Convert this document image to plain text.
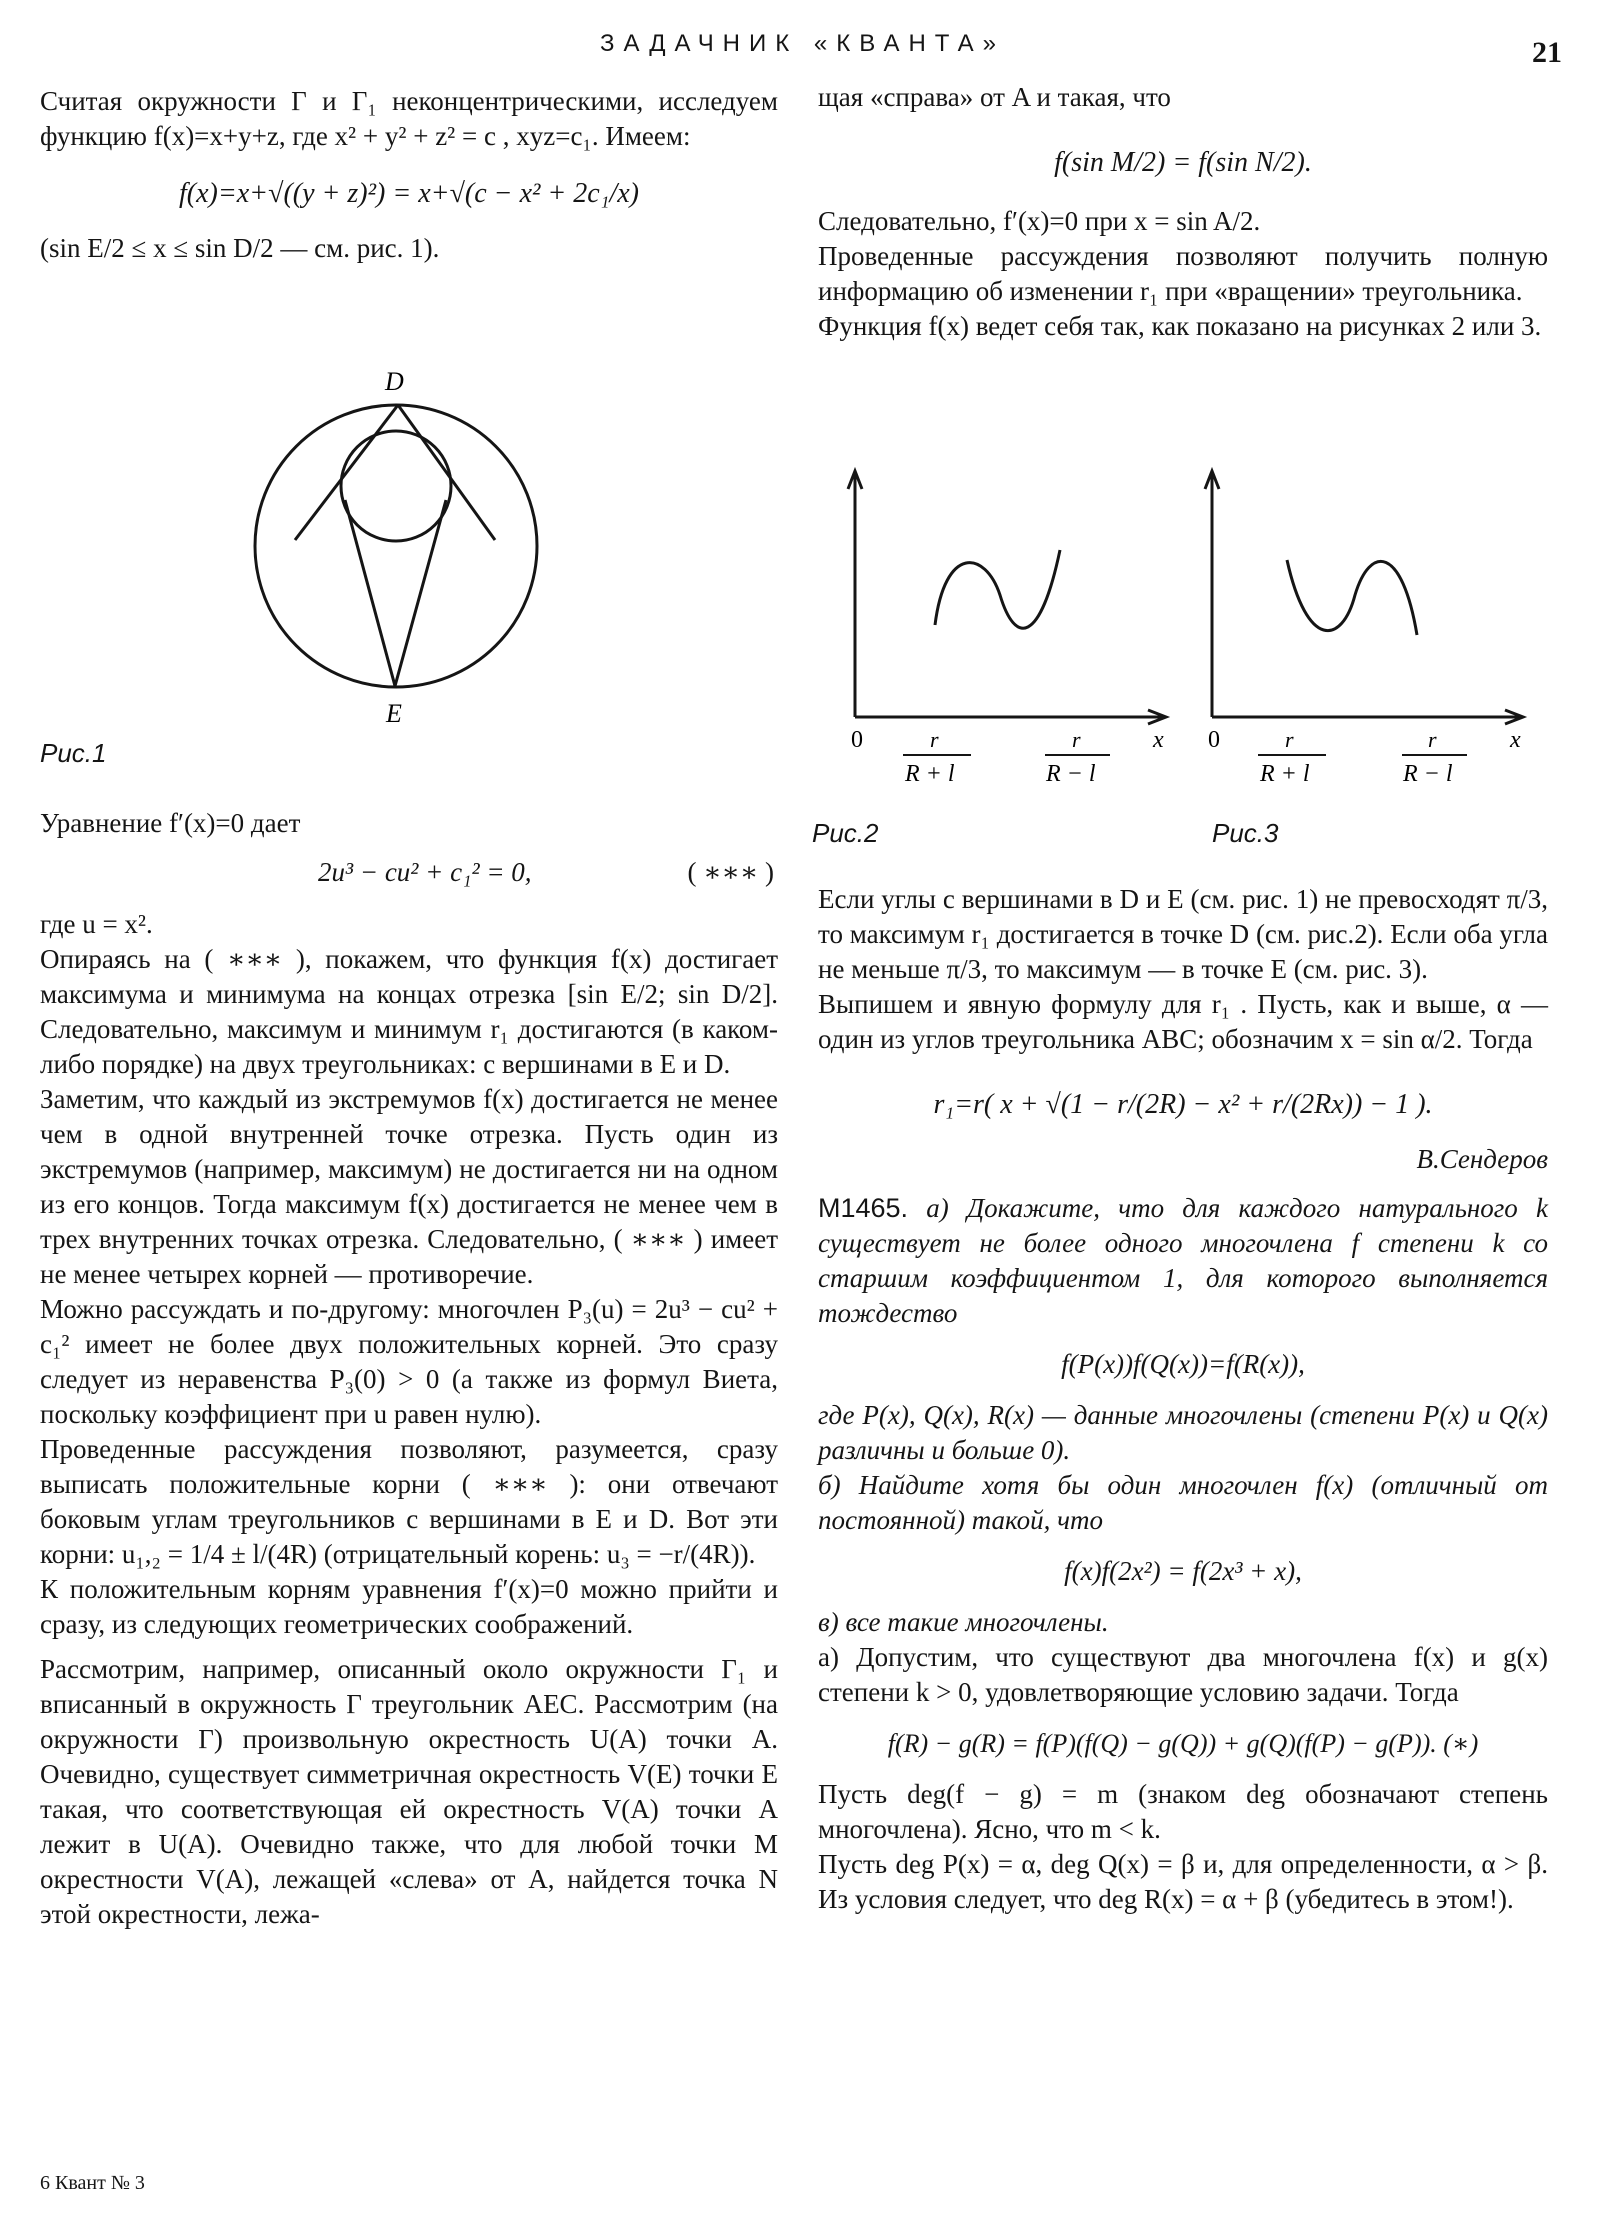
ЗАДАЧНИК «КВАНТА»	21

Считая окружности Γ и Γ₁ неконцентрическими, исследуем функцию f(x)=x+y+z, где x² + y² + z² = c , xyz=c₁. Имеем:

f(x)=x+√((y + z)²) = x+√(c − x² + 2c₁/x)

(sin E/2 ≤ x ≤ sin D/2 — см. рис. 1).

D
E
Рис.1

Уравнение f′(x)=0 дает

2u³ − cu² + c₁² = 0,	( ∗∗∗ )

где u = x².

Опираясь на ( ∗∗∗ ), покажем, что функция f(x) достигает максимума и минимума на концах отрезка [sin E/2; sin D/2]. Следовательно, максимум и минимум r₁ достигаются (в каком-либо порядке) на двух треугольниках: с вершинами в E и D.

Заметим, что каждый из экстремумов f(x) достигается не менее чем в одной внутренней точке отрезка. Пусть один из экстремумов (например, максимум) не достигается ни на одном из его концов. Тогда максимум f(x) достигается не менее чем в трех внутренних точках отрезка. Следовательно, ( ∗∗∗ ) имеет не менее четырех корней — противоречие.

Можно рассуждать и по-другому: многочлен P₃(u) = 2u³ − cu² + c₁² имеет не более двух положительных корней. Это сразу следует из неравенства P₃(0) > 0 (а также из формул Виета, поскольку коэффициент при u равен нулю).

Проведенные рассуждения позволяют, разумеется, сразу выписать положительные корни ( ∗∗∗ ): они отвечают боковым углам треугольников с вершинами в E и D. Вот эти корни: u₁,₂ = 1/4 ± l/(4R) (отрицательный корень: u₃ = −r/(4R)).

К положительным корням уравнения f′(x)=0 можно прийти и сразу, из следующих геометрических соображений.

Рассмотрим, например, описанный около окружности Γ₁ и вписанный в окружность Γ треугольник AEC. Рассмотрим (на окружности Γ) произвольную окрестность U(A) точки A. Очевидно, существует симметричная окрестность V(E) точки E такая, что соответствующая ей окрестность V(A) точки A лежит в U(A). Очевидно также, что для любой точки M окрестности V(A), лежащей «слева» от A, найдется точка N этой окрестности, лежа-

щая «справа» от A и такая, что

f(sin M/2) = f(sin N/2).

Следовательно, f′(x)=0 при x = sin A/2.

Проведенные рассуждения позволяют получить полную информацию об изменении r₁ при «вращении» треугольника.

Функция f(x) ведет себя так, как показано на рисунках 2 или 3.

0	x
r
R + l
r
R − l
Рис.2
0	x
r
R + l
r
R − l
Рис.3

Если углы с вершинами в D и E (см. рис. 1) не превосходят π/3, то максимум r₁ достигается в точке D (см. рис.2). Если оба угла не меньше π/3, то максимум — в точке E (см. рис. 3).

Выпишем и явную формулу для r₁ . Пусть, как и выше, α — один из углов треугольника ABC; обозначим x = sin α/2. Тогда

r₁=r( x + √(1 − r/(2R) − x² + r/(2Rx)) − 1 ).
В.Сендеров

М1465. а) Докажите, что для каждого натурального k существует не более одного многочлена f степени k со старшим коэффициентом 1, для которого выполняется тождество

f(P(x))f(Q(x))=f(R(x)),

где P(x), Q(x), R(x) — данные многочлены (степени P(x) и Q(x) различны и больше 0).

б) Найдите хотя бы один многочлен f(x) (отличный от постоянной) такой, что

f(x)f(2x²) = f(2x³ + x),

в) все такие многочлены.

а) Допустим, что существуют два многочлена f(x) и g(x) степени k > 0, удовлетворяющие условию задачи. Тогда

f(R) − g(R) = f(P)(f(Q) − g(Q)) + g(Q)(f(P) − g(P)). (∗)

Пусть deg(f − g) = m (знаком deg обозначают степень многочлена). Ясно, что m < k.

Пусть deg P(x) = α, deg Q(x) = β и, для определенности, α > β. Из условия следует, что deg R(x) = α + β (убедитесь в этом!).

6 Квант № 3
